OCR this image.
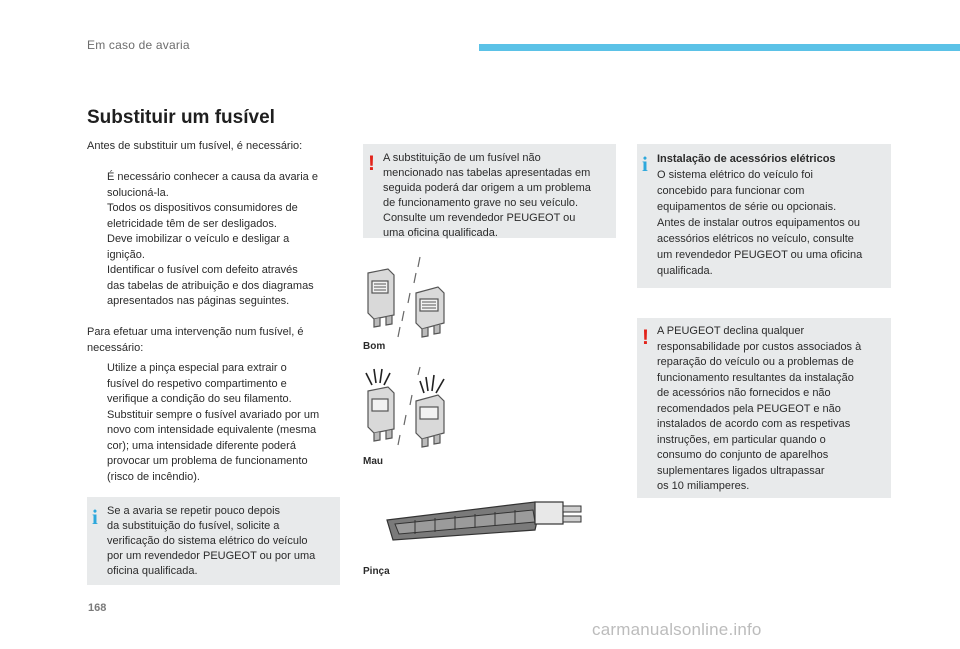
Em caso de avaria
Substituir um fusível

Antes de substituir um fusível, é necessário:

É necessário conhecer a causa da avaria e
solucioná-la.
Todos os dispositivos consumidores de
eletricidade têm de ser desligados.
Deve imobilizar o veículo e desligar a
ignição.
Identificar o fusível com defeito através
das tabelas de atribuição e dos diagramas
apresentados nas páginas seguintes.

Para efetuar uma intervenção num fusível, é
necessário:

Utilize a pinça especial para extrair o
fusível do respetivo compartimento e
verifique a condição do seu filamento.
Substituir sempre o fusível avariado por um
novo com intensidade equivalente (mesma
cor); uma intensidade diferente poderá
provocar um problema de funcionamento
(risco de incêndio).
i Se a avaria se repetir pouco depois
da substituição do fusível, solicite a
verificação do sistema elétrico do veículo
por um revendedor PEUGEOT ou por uma
oficina qualificada.
! A substituição de um fusível não
mencionado nas tabelas apresentadas em
seguida poderá dar origem a um problema
de funcionamento grave no seu veículo.
Consulte um revendedor PEUGEOT ou
uma oficina qualificada.
Bom
Mau
Pinça
i Instalação de acessórios elétricos
O sistema elétrico do veículo foi
concebido para funcionar com
equipamentos de série ou opcionais.
Antes de instalar outros equipamentos ou
acessórios elétricos no veículo, consulte
um revendedor PEUGEOT ou uma oficina
qualificada.
! A PEUGEOT declina qualquer
responsabilidade por custos associados à
reparação do veículo ou a problemas de
funcionamento resultantes da instalação
de acessórios não fornecidos e não
recomendados pela PEUGEOT e não
instalados de acordo com as respetivas
instruções, em particular quando o
consumo do conjunto de aparelhos
suplementares ligados ultrapassar
os 10 miliamperes.
168
carmanualsonline.info
